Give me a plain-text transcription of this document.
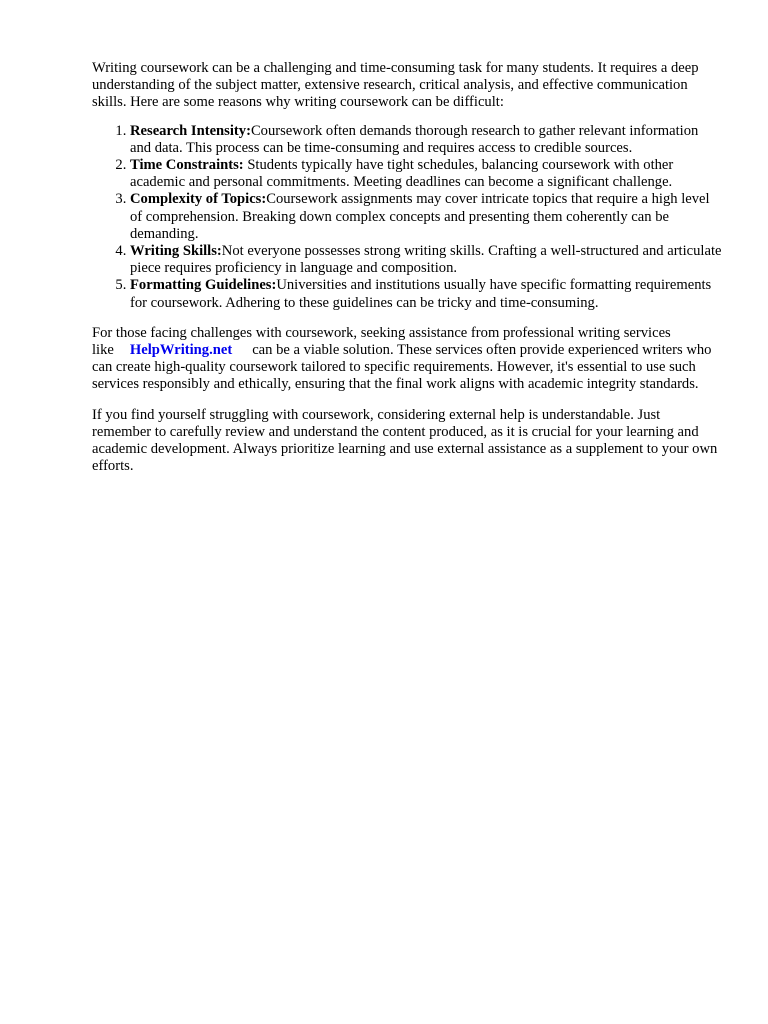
Writing coursework can be a challenging and time-consuming task for many students. It requires a deep understanding of the subject matter, extensive research, critical analysis, and effective communication skills. Here are some reasons why writing coursework can be difficult:

1. Research Intensity:Coursework often demands thorough research to gather relevant information and data. This process can be time-consuming and requires access to credible sources.
2. Time Constraints: Students typically have tight schedules, balancing coursework with other academic and personal commitments. Meeting deadlines can become a significant challenge.
3. Complexity of Topics:Coursework assignments may cover intricate topics that require a high level of comprehension. Breaking down complex concepts and presenting them coherently can be demanding.
4. Writing Skills:Not everyone possesses strong writing skills. Crafting a well-structured and articulate piece requires proficiency in language and composition.
5. Formatting Guidelines:Universities and institutions usually have specific formatting requirements for coursework. Adhering to these guidelines can be tricky and time-consuming.

For those facing challenges with coursework, seeking assistance from professional writing services like HelpWriting.net can be a viable solution. These services often provide experienced writers who can create high-quality coursework tailored to specific requirements. However, it's essential to use such services responsibly and ethically, ensuring that the final work aligns with academic integrity standards.

If you find yourself struggling with coursework, considering external help is understandable. Just remember to carefully review and understand the content produced, as it is crucial for your learning and academic development. Always prioritize learning and use external assistance as a supplement to your own efforts.
